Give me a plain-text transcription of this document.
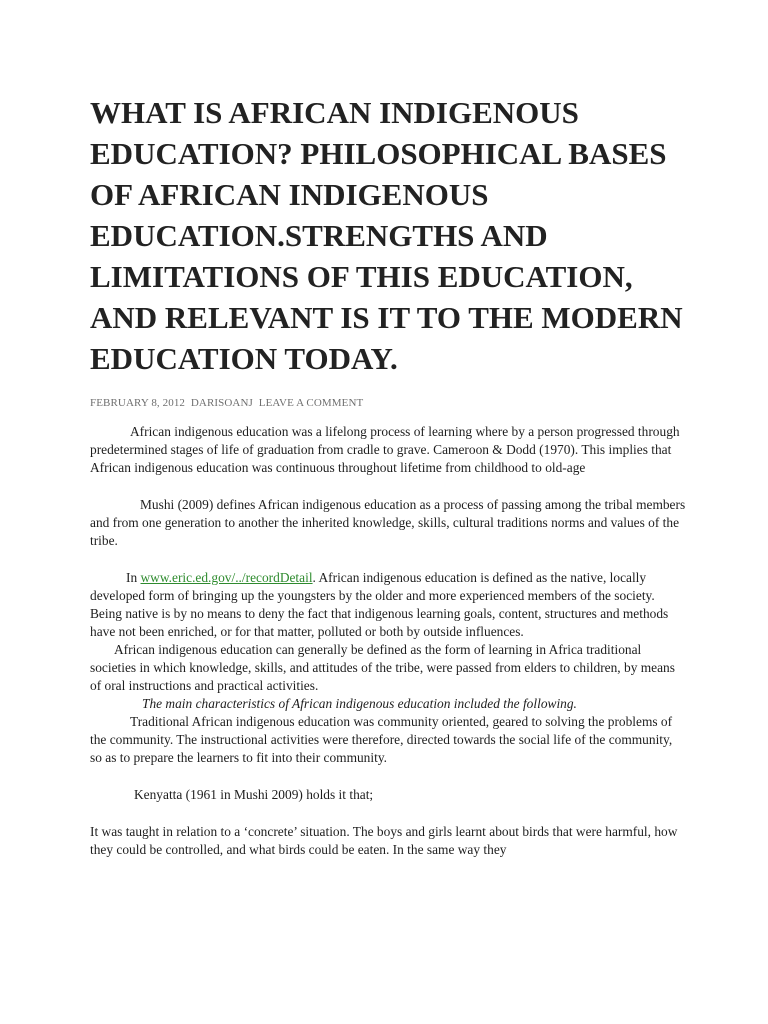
WHAT IS AFRICAN INDIGENOUS EDUCATION? PHILOSOPHICAL BASES OF AFRICAN INDIGENOUS EDUCATION.STRENGTHS AND LIMITATIONS OF THIS EDUCATION, AND RELEVANT IS IT TO THE MODERN EDUCATION TODAY.
FEBRUARY 8, 2012 DARISOANJ LEAVE A COMMENT

African indigenous education was a lifelong process of learning where by a person progressed through predetermined stages of life of graduation from cradle to grave. Cameroon & Dodd (1970). This implies that African indigenous education was continuous throughout lifetime from childhood to old-age

Mushi (2009) defines African indigenous education as a process of passing among the tribal members and from one generation to another the inherited knowledge, skills, cultural traditions norms and values of the tribe.

In www.eric.ed.gov/../recordDetail. African indigenous education is defined as the native, locally developed form of bringing up the youngsters by the older and more experienced members of the society. Being native is by no means to deny the fact that indigenous learning goals, content, structures and methods have not been enriched, or for that matter, polluted or both by outside influences.

African indigenous education can generally be defined as the form of learning in Africa traditional societies in which knowledge, skills, and attitudes of the tribe, were passed from elders to children, by means of oral instructions and practical activities.

The main characteristics of African indigenous education included the following.

Traditional African indigenous education was community oriented, geared to solving the problems of the community. The instructional activities were therefore, directed towards the social life of the community, so as to prepare the learners to fit into their community.

Kenyatta (1961 in Mushi 2009) holds it that;

It was taught in relation to a ‘concrete’ situation. The boys and girls learnt about birds that were harmful, how they could be controlled, and what birds could be eaten. In the same way they
